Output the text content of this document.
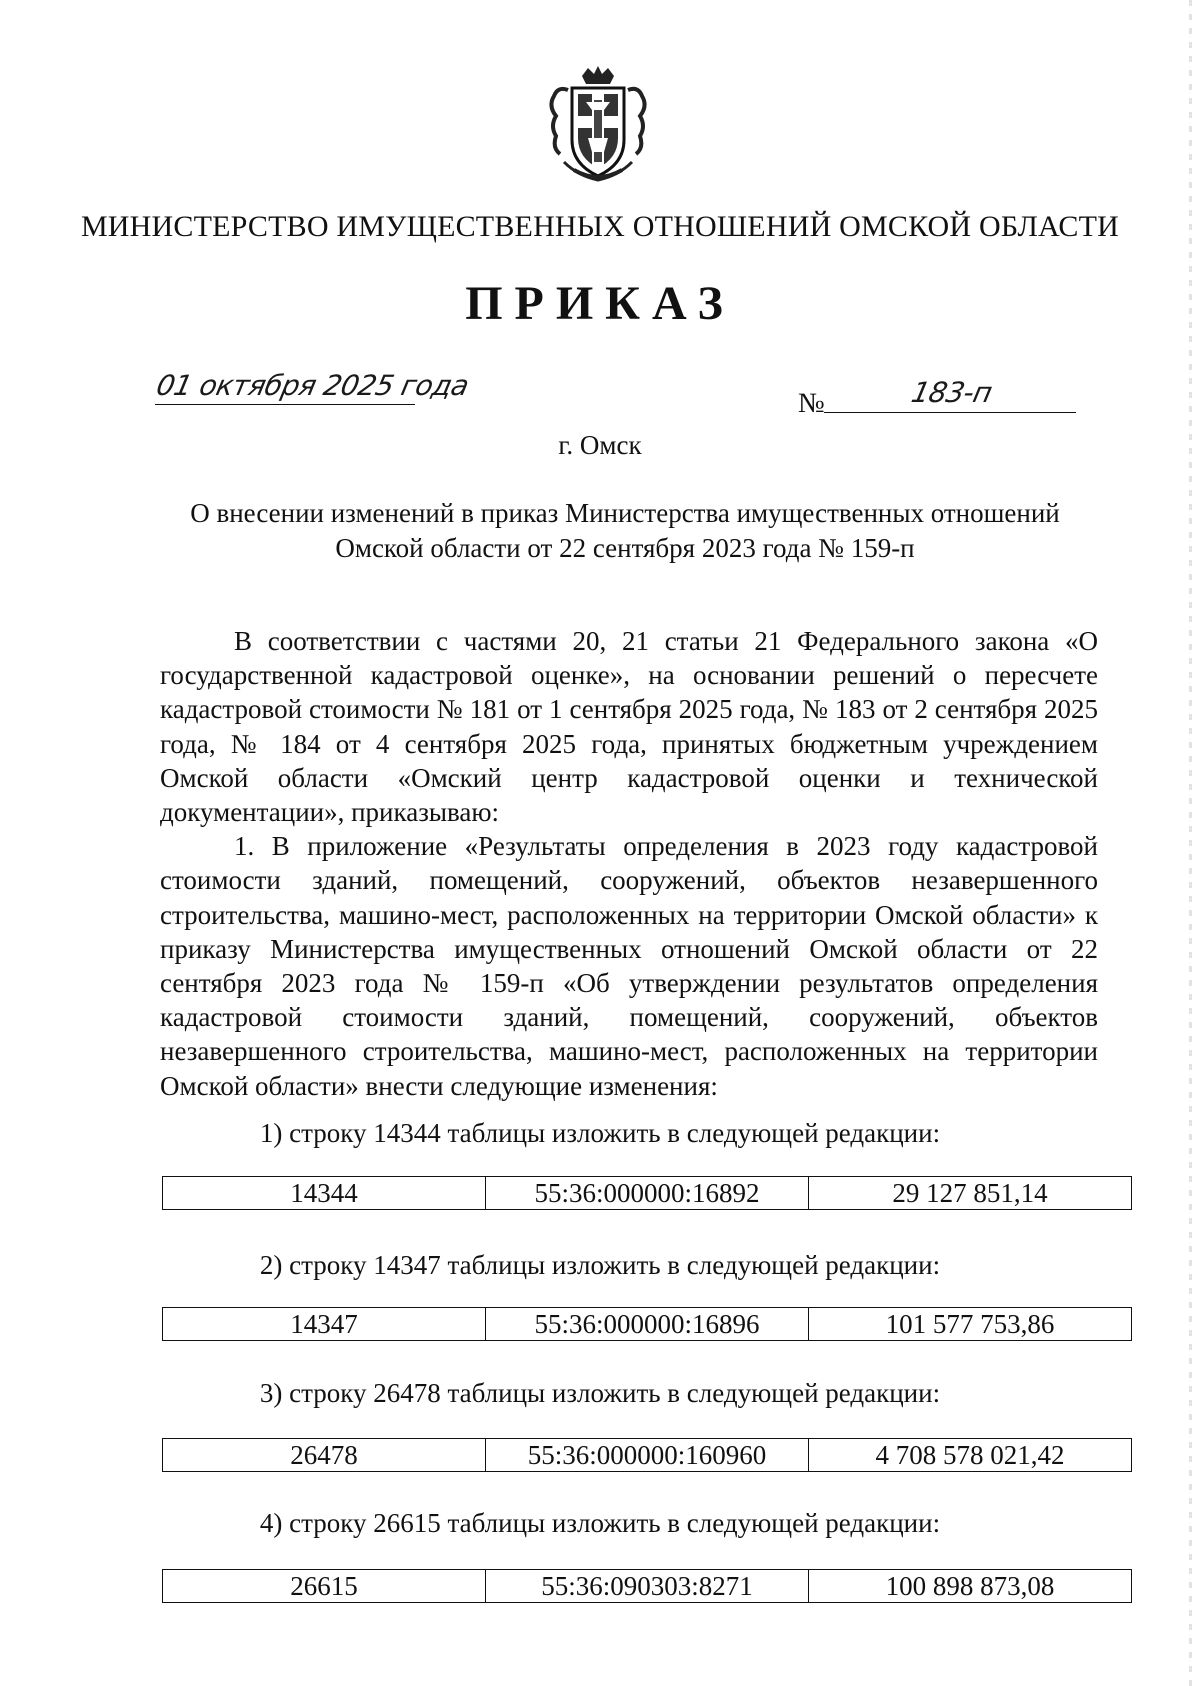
МИНИСТЕРСТВО ИМУЩЕСТВЕННЫХ ОТНОШЕНИЙ ОМСКОЙ ОБЛАСТИ
ПРИКАЗ
01 октября 2025 года
№	183-п
г. Омск
О внесении изменений в приказ Министерства имущественных отношений
Омской области от 22 сентября 2023 года № 159-п

В соответствии с частями 20, 21 статьи 21 Федерального закона «О государственной кадастровой оценке», на основании решений о пересчете кадастровой стоимости № 181 от 1 сентября 2025 года, № 183 от 2 сентября 2025 года, № 184 от 4 сентября 2025 года, принятых бюджетным учреждением Омской области «Омский центр кадастровой оценки и технической документации», приказываю:

1. В приложение «Результаты определения в 2023 году кадастровой стоимости зданий, помещений, сооружений, объектов незавершенного строительства, машино-мест, расположенных на территории Омской области» к приказу Министерства имущественных отношений Омской области от 22 сентября 2023 года № 159-п «Об утверждении результатов определения кадастровой стоимости зданий, помещений, сооружений, объектов незавершенного строительства, машино-мест, расположенных на территории Омской области» внести следующие изменения:

1) строку 14344 таблицы изложить в следующей редакции:
14344	55:36:000000:16892	29 127 851,14
2) строку 14347 таблицы изложить в следующей редакции:
14347	55:36:000000:16896	101 577 753,86
3) строку 26478 таблицы изложить в следующей редакции:
26478	55:36:000000:160960	4 708 578 021,42
4) строку 26615 таблицы изложить в следующей редакции:
26615	55:36:090303:8271	100 898 873,08
